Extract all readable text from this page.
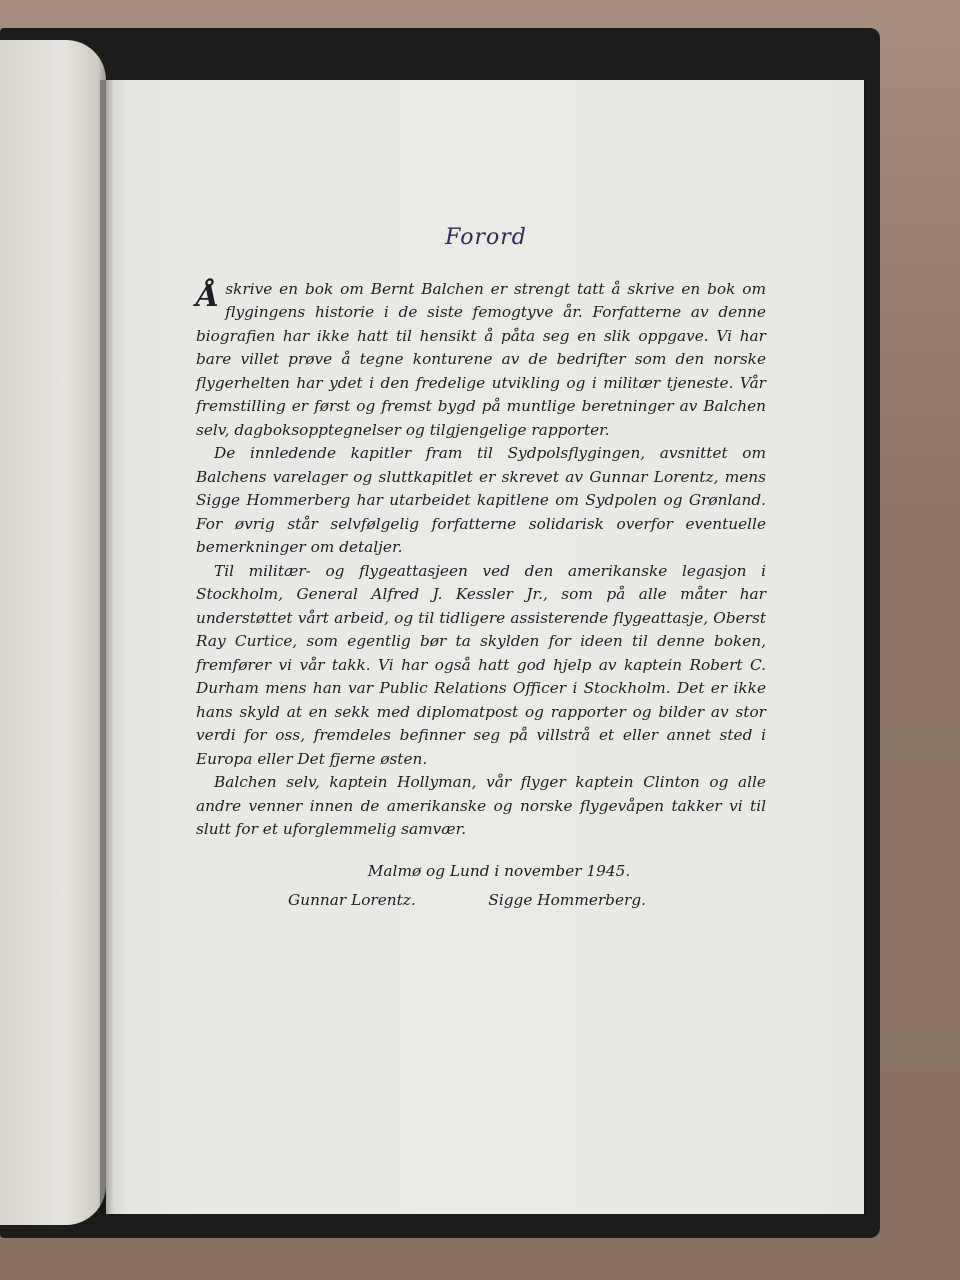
Forord

Å skrive en bok om Bernt Balchen er strengt tatt å skrive en bok om flygingens historie i de siste femogtyve år. Forfatterne av denne biografien har ikke hatt til hensikt å påta seg en slik oppgave. Vi har bare villet prøve å tegne konturene av de bedrifter som den norske flygerhelten har ydet i den fredelige utvikling og i militær tjeneste. Vår fremstilling er først og fremst bygd på muntlige beretninger av Balchen selv, dagboksopptegnelser og tilgjengelige rapporter.

De innledende kapitler fram til Sydpolsflygingen, avsnittet om Balchens varelager og sluttkapitlet er skrevet av Gunnar Lorentz, mens Sigge Hommerberg har utarbeidet kapitlene om Sydpolen og Grønland. For øvrig står selvfølgelig forfatterne solidarisk overfor eventuelle bemerkninger om detaljer.

Til militær- og flygeattasjeen ved den amerikanske legasjon i Stockholm, General Alfred J. Kessler Jr., som på alle måter har understøttet vårt arbeid, og til tidligere assisterende flygeattasje, Oberst Ray Curtice, som egentlig bør ta skylden for ideen til denne boken, fremfører vi vår takk. Vi har også hatt god hjelp av kaptein Robert C. Durham mens han var Public Relations Officer i Stockholm. Det er ikke hans skyld at en sekk med diplomatpost og rapporter og bilder av stor verdi for oss, fremdeles befinner seg på villstrå et eller annet sted i Europa eller Det fjerne østen.

Balchen selv, kaptein Hollyman, vår flyger kaptein Clinton og alle andre venner innen de amerikanske og norske flygevåpen takker vi til slutt for et uforglemmelig samvær.

Malmø og Lund i november 1945.
Gunnar Lorentz.	Sigge Hommerberg.
